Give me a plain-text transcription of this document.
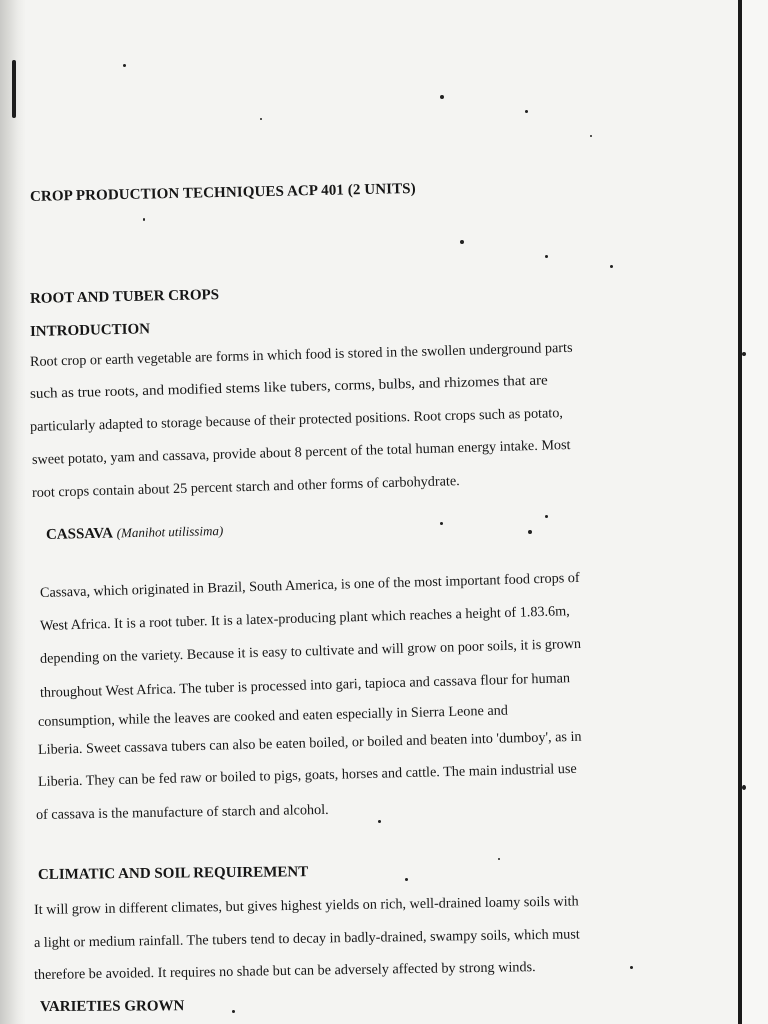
CROP PRODUCTION TECHNIQUES ACP 401 (2 UNITS)
ROOT AND TUBER CROPS
INTRODUCTION
Root crop or earth vegetable are forms in which food is stored in the swollen underground parts
such as true roots, and modified stems like tubers, corms, bulbs, and rhizomes that are
particularly adapted to storage because of their protected positions. Root crops such as potato,
sweet potato, yam and cassava, provide about 8 percent of the total human energy intake. Most
root crops contain about 25 percent starch and other forms of carbohydrate.
CASSAVA (Manihot utilissima)
Cassava, which originated in Brazil, South America, is one of the most important food crops of
West Africa. It is a root tuber. It is a latex-producing plant which reaches a height of 1.83.6m,
depending on the variety. Because it is easy to cultivate and will grow on poor soils, it is grown
throughout West Africa. The tuber is processed into gari, tapioca and cassava flour for human
consumption, while the leaves are cooked and eaten especially in Sierra Leone and
Liberia. Sweet cassava tubers can also be eaten boiled, or boiled and beaten into 'dumboy', as in
Liberia. They can be fed raw or boiled to pigs, goats, horses and cattle. The main industrial use
of cassava is the manufacture of starch and alcohol.
CLIMATIC AND SOIL REQUIREMENT
It will grow in different climates, but gives highest yields on rich, well-drained loamy soils with
a light or medium rainfall. The tubers tend to decay in badly-drained, swampy soils, which must
therefore be avoided. It requires no shade but can be adversely affected by strong winds.
VARIETIES GROWN
